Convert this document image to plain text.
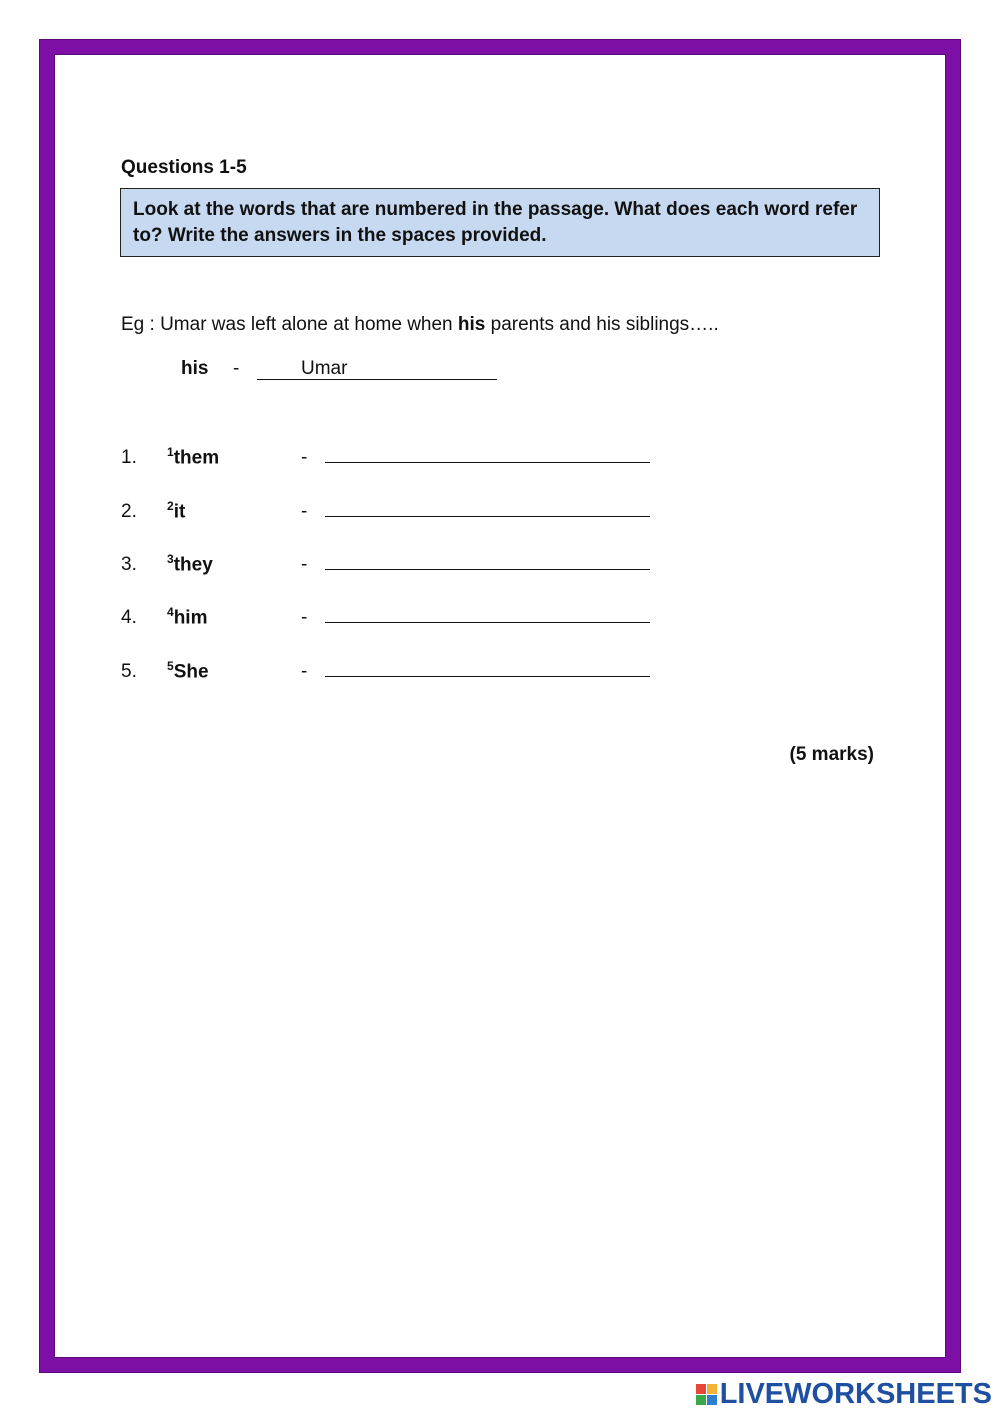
Questions 1-5
Look at the words that are numbered in the passage. What does each word refer to? Write the answers in the spaces provided.
Eg : Umar was left alone at home when his parents and his siblings…..
his	-	Umar
1.	$^1$them	-
2.	$^2$it	-
3.	$^3$they	-
4.	$^4$him	-
5.	$^5$She	-
(5 marks)
LIVEWORKSHEETS
